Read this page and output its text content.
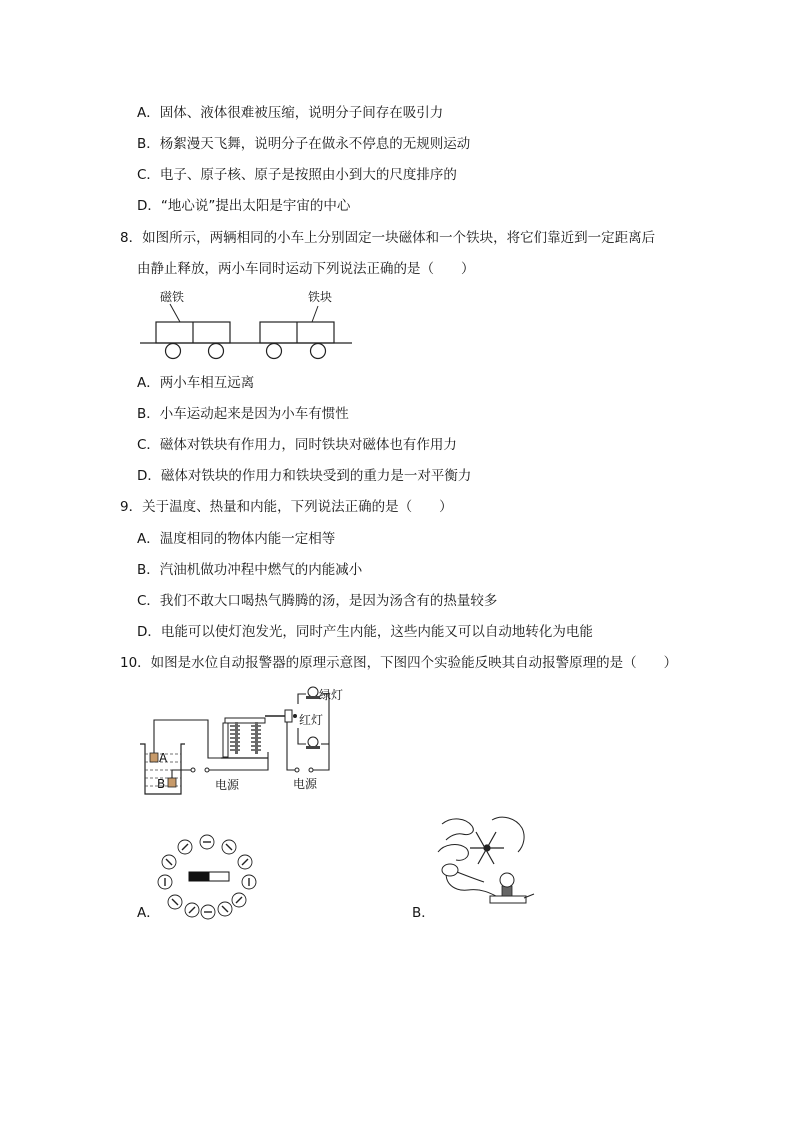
A．固体、液体很难被压缩，说明分子间存在吸引力
B．杨絮漫天飞舞，说明分子在做永不停息的无规则运动
C．电子、原子核、原子是按照由小到大的尺度排序的
D．“地心说”提出太阳是宇宙的中心
8．如图所示，两辆相同的小车上分别固定一块磁体和一个铁块，将它们靠近到一定距离后
由静止释放，两小车同时运动下列说法正确的是（　　）
磁铁	铁块
A．两小车相互远离
B．小车运动起来是因为小车有惯性
C．磁体对铁块有作用力，同时铁块对磁体也有作用力
D．磁体对铁块的作用力和铁块受到的重力是一对平衡力
9．关于温度、热量和内能，下列说法正确的是（　　）
A．温度相同的物体内能一定相等
B．汽油机做功冲程中燃气的内能减小
C．我们不敢大口喝热气腾腾的汤，是因为汤含有的热量较多
D．电能可以使灯泡发光，同时产生内能，这些内能又可以自动地转化为电能
10．如图是水位自动报警器的原理示意图，下图四个实验能反映其自动报警原理的是（　　）
A
B
绿灯
红灯
电源	电源
A．	B．
